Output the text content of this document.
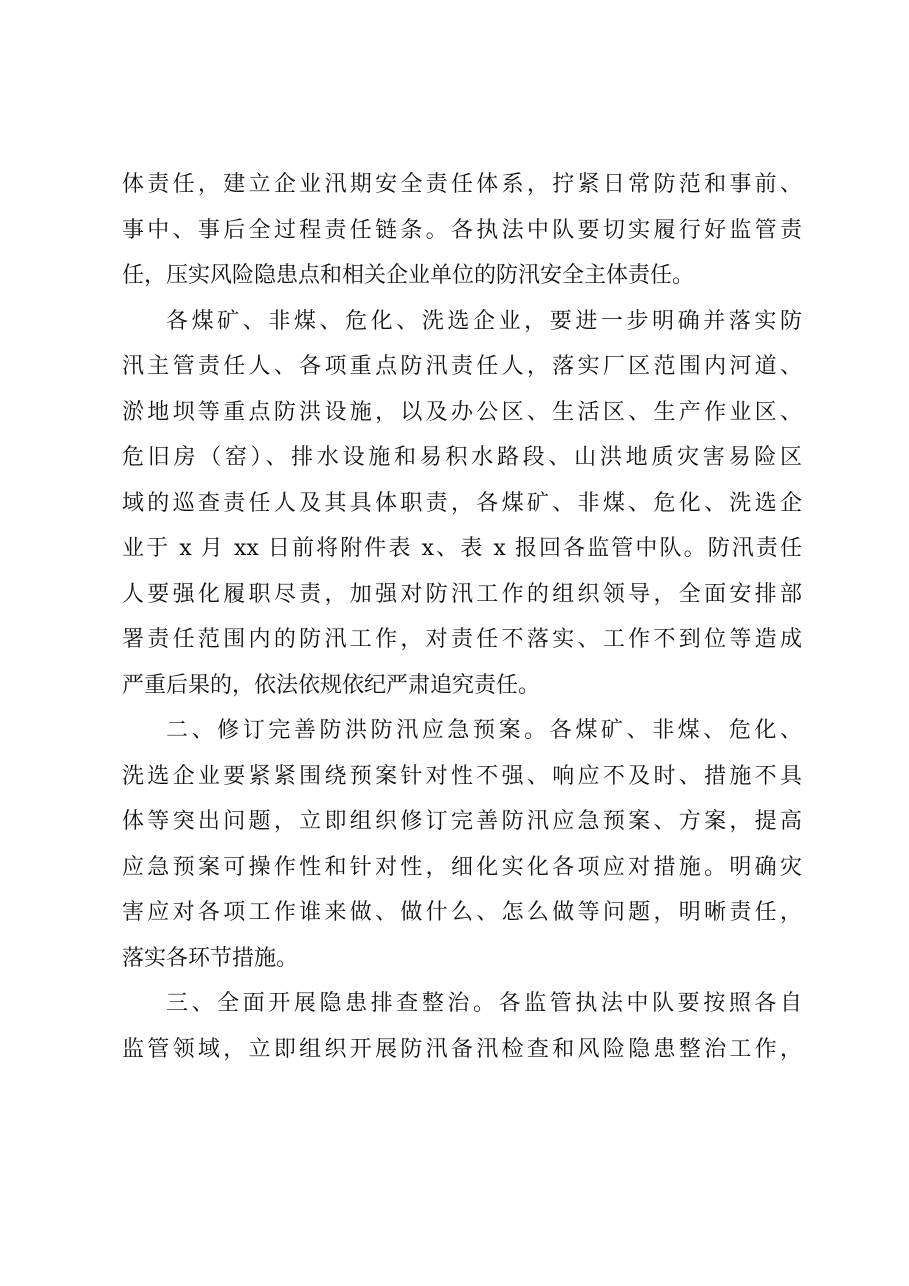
体责任，建立企业汛期安全责任体系，拧紧日常防范和事前、
事中、事后全过程责任链条。各执法中队要切实履行好监管责
任，压实风险隐患点和相关企业单位的防汛安全主体责任。
各煤矿、非煤、危化、洗选企业，要进一步明确并落实防
汛主管责任人、各项重点防汛责任人，落实厂区范围内河道、
淤地坝等重点防洪设施，以及办公区、生活区、生产作业区、
危旧房（窑）、排水设施和易积水路段、山洪地质灾害易险区
域的巡查责任人及其具体职责，各煤矿、非煤、危化、洗选企
业于 x 月 xx 日前将附件表 x、表 x 报回各监管中队。防汛责任
人要强化履职尽责，加强对防汛工作的组织领导，全面安排部
署责任范围内的防汛工作，对责任不落实、工作不到位等造成
严重后果的，依法依规依纪严肃追究责任。
二、修订完善防洪防汛应急预案。各煤矿、非煤、危化、
洗选企业要紧紧围绕预案针对性不强、响应不及时、措施不具
体等突出问题，立即组织修订完善防汛应急预案、方案，提高
应急预案可操作性和针对性，细化实化各项应对措施。明确灾
害应对各项工作谁来做、做什么、怎么做等问题，明晰责任，
落实各环节措施。
三、全面开展隐患排查整治。各监管执法中队要按照各自
监管领域，立即组织开展防汛备汛检查和风险隐患整治工作，
